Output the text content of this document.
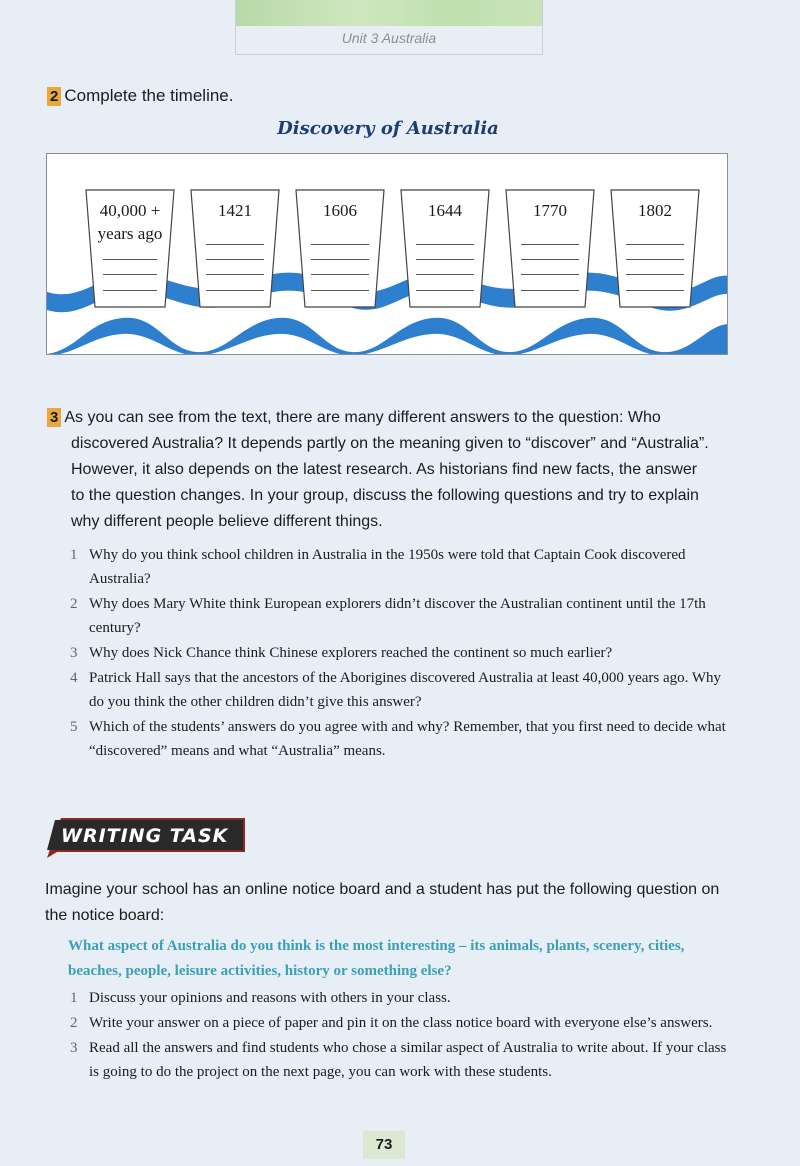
Unit 3 Australia
2 Complete the timeline.
Discovery of Australia
40,000 +
years ago
1421	1606	1644	1770	1802
3 As you can see from the text, there are many different answers to the question: Who
discovered Australia? It depends partly on the meaning given to “discover” and “Australia”.
However, it also depends on the latest research. As historians find new facts, the answer
to the question changes. In your group, discuss the following questions and try to explain
why different people believe different things.
1 Why do you think school children in Australia in the 1950s were told that Captain Cook discovered Australia?
2 Why does Mary White think European explorers didn’t discover the Australian continent until the 17th century?
3 Why does Nick Chance think Chinese explorers reached the continent so much earlier?
4 Patrick Hall says that the ancestors of the Aborigines discovered Australia at least 40,000 years ago. Why do you think the other children didn’t give this answer?
5 Which of the students’ answers do you agree with and why? Remember, that you first need to decide what “discovered” means and what “Australia” means.
WRITING TASK
Imagine your school has an online notice board and a student has put the following question on the notice board:
What aspect of Australia do you think is the most interesting – its animals, plants, scenery, cities, beaches, people, leisure activities, history or something else?
1 Discuss your opinions and reasons with others in your class.
2 Write your answer on a piece of paper and pin it on the class notice board with everyone else’s answers.
3 Read all the answers and find students who chose a similar aspect of Australia to write about. If your class is going to do the project on the next page, you can work with these students.
73
